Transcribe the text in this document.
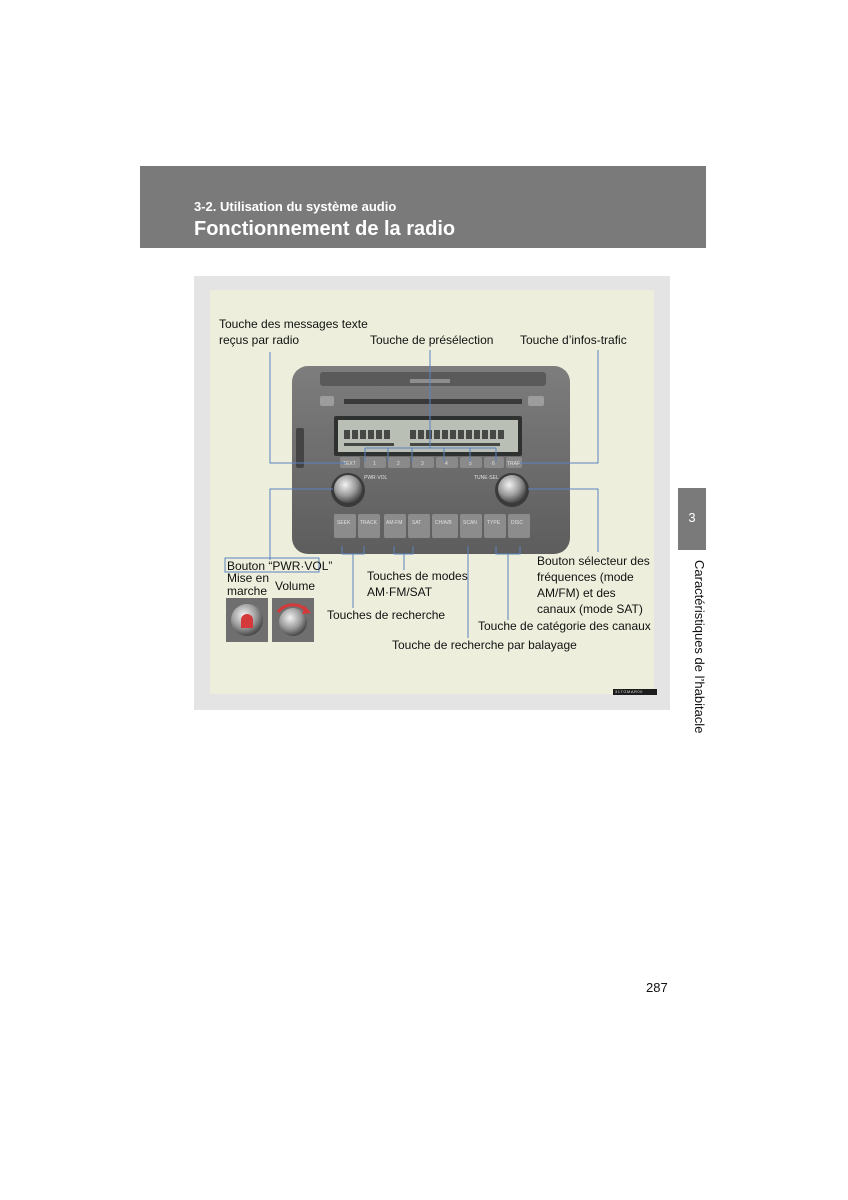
3-2. Utilisation du système audio
Fonctionnement de la radio
TEXT	1	2	3	4	5	6 TRAF
PWR·VOL	TUNE·SEL
SEEK TRACK AM·FM SAT	CH/A/B SCAN TYPE DISC
Touche des messages texte
reçus par radio	Touche de présélection Touche d’infos-trafic
Bouton “PWR·VOL”
Mise en
marche Volume
Touches de modes
AM·FM/SAT
Touches de recherche
Bouton sélecteur des
fréquences (mode
AM/FM) et des
canaux (mode SAT)
Touche de catégorie des canaux
Touche de recherche par balayage
31TGMAR00
3
Caractéristiques de l’habitacle
287
